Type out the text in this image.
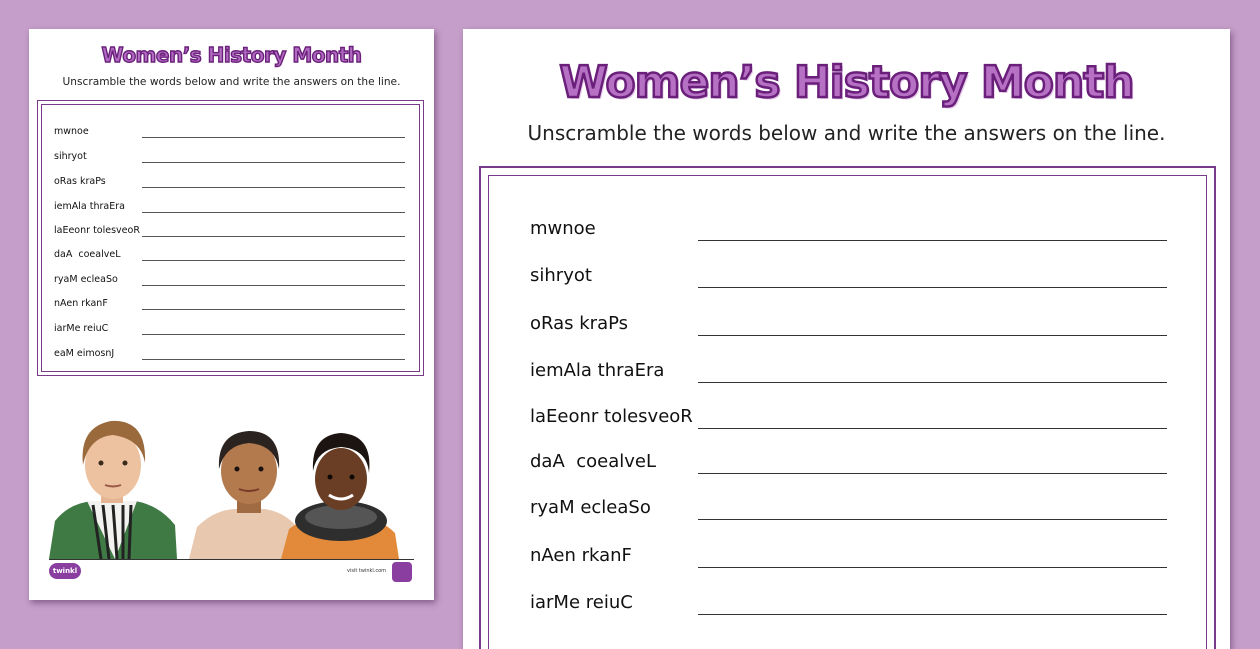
Women’s History Month
Unscramble the words below and write the answers on the line.
mwnoe
sihryot
oRas kraPs
iemAla thraEra
laEeonr tolesveoR
daA  coealveL
ryaM ecleaSo
nAen rkanF
iarMe reiuC
eaM eimosnJ
twinkl	visit twinkl.com
Women’s History Month
Unscramble the words below and write the answers on the line.
mwnoe
sihryot
oRas kraPs
iemAla thraEra
laEeonr tolesveoR
daA  coealveL
ryaM ecleaSo
nAen rkanF
iarMe reiuC
